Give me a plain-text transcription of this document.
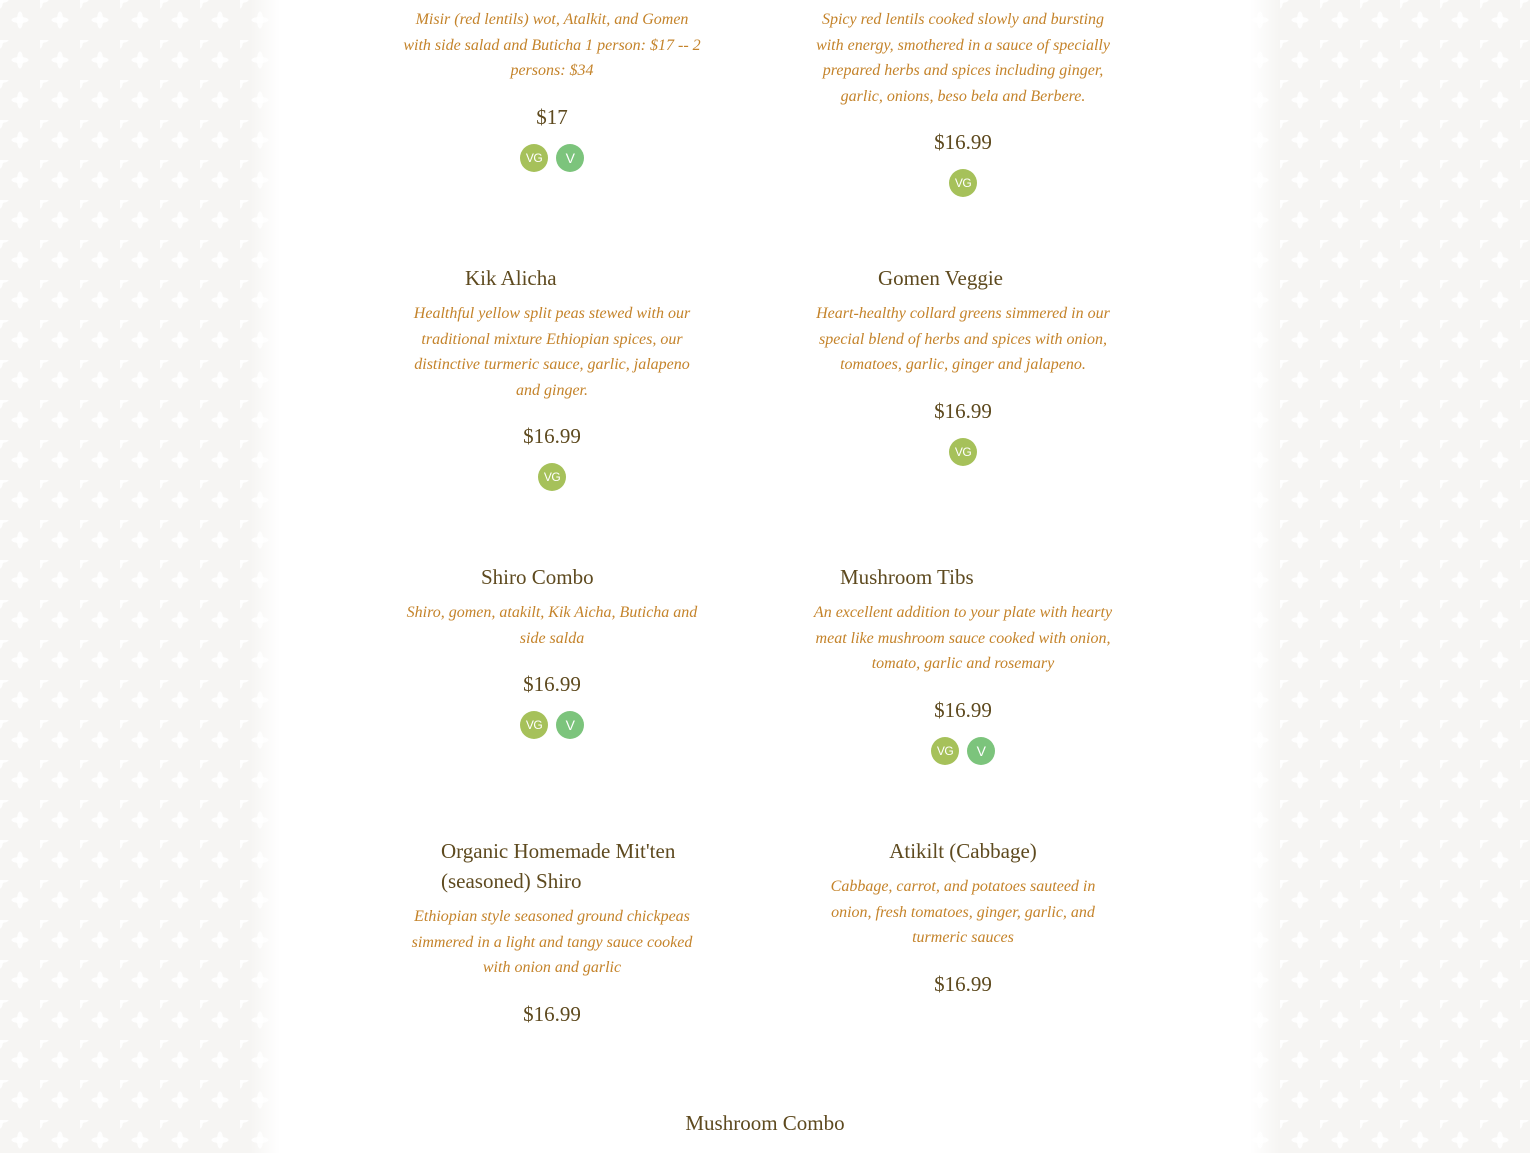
Misir (red lentils) wot, Atalkit, and Gomen with side salad and Buticha 1 person: $17 -- 2 persons: $34

$17
VG	V

Spicy red lentils cooked slowly and bursting with energy, smothered in a sauce of specially prepared herbs and spices including ginger, garlic, onions, beso bela and Berbere.

$16.99
VG
Kik Alicha

Healthful yellow split peas stewed with our traditional mixture Ethiopian spices, our distinctive turmeric sauce, garlic, jalapeno and ginger.

$16.99
VG
Gomen Veggie

Heart-healthy collard greens simmered in our special blend of herbs and spices with onion, tomatoes, garlic, ginger and jalapeno.

$16.99
VG
Shiro Combo

Shiro, gomen, atakilt, Kik Aicha, Buticha and side salda

$16.99
VG	V
Mushroom Tibs

An excellent addition to your plate with hearty meat like mushroom sauce cooked with onion, tomato, garlic and rosemary

$16.99
VG	V
Organic Homemade Mit'ten (seasoned) Shiro

Ethiopian style seasoned ground chickpeas simmered in a light and tangy sauce cooked with onion and garlic

$16.99
Atikilt (Cabbage)

Cabbage, carrot, and potatoes sauteed in onion, fresh tomatoes, ginger, garlic, and turmeric sauces

$16.99
Mushroom Combo
